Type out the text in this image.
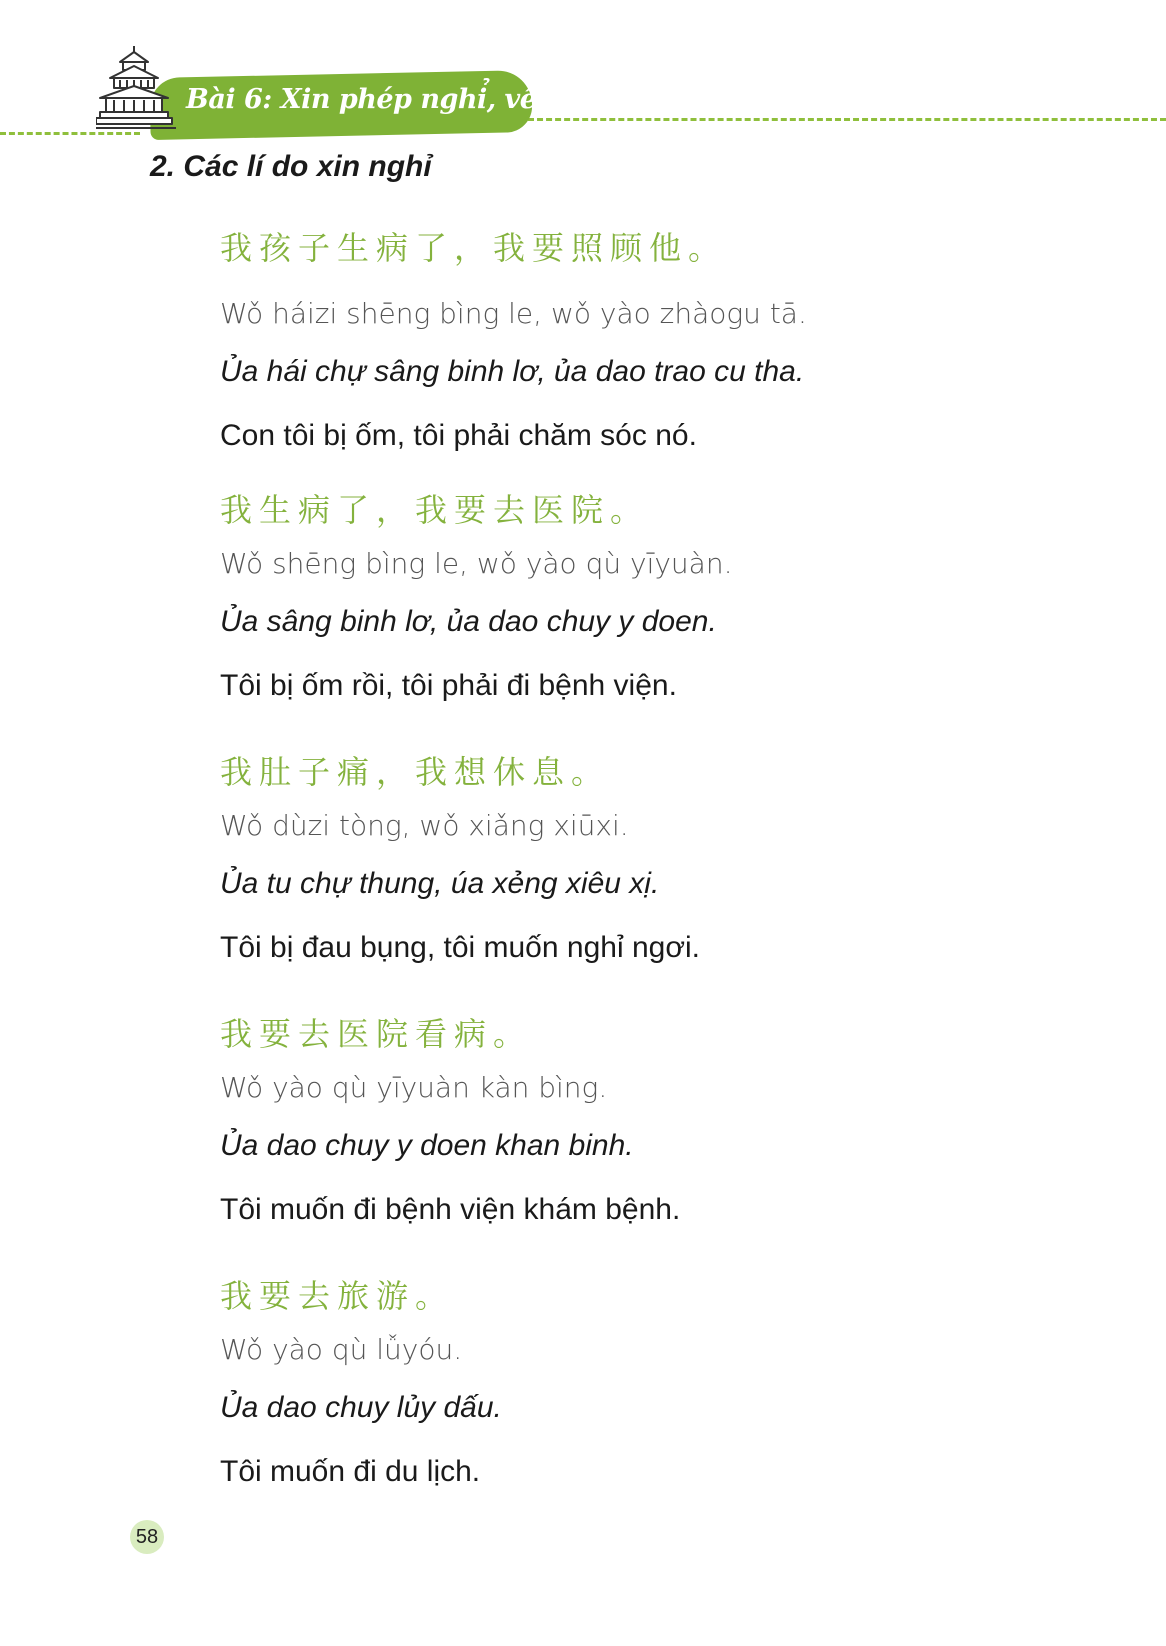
Bài 6: Xin phép nghỉ, về sớm
2. Các lí do xin nghỉ
我孩子生病了，我要照顾他。
Wǒ háizi shēng bìng le, wǒ yào zhàogu tā.
Ủa hái chự sâng binh lơ, ủa dao trao cu tha.
Con tôi bị ốm, tôi phải chăm sóc nó.
我生病了，我要去医院。
Wǒ shēng bìng le, wǒ yào qù yīyuàn.
Ủa sâng binh lơ, ủa dao chuy y doen.
Tôi bị ốm rồi, tôi phải đi bệnh viện.
我肚子痛，我想休息。
Wǒ dùzi tòng, wǒ xiǎng xiūxi.
Ủa tu chự thung, úa xẻng xiêu xị.
Tôi bị đau bụng, tôi muốn nghỉ ngơi.
我要去医院看病。
Wǒ yào qù yīyuàn kàn bìng.
Ủa dao chuy y doen khan binh.
Tôi muốn đi bệnh viện khám bệnh.
我要去旅游。
Wǒ yào qù lǚyóu.
Ủa dao chuy lủy dấu.
Tôi muốn đi du lịch.
58
